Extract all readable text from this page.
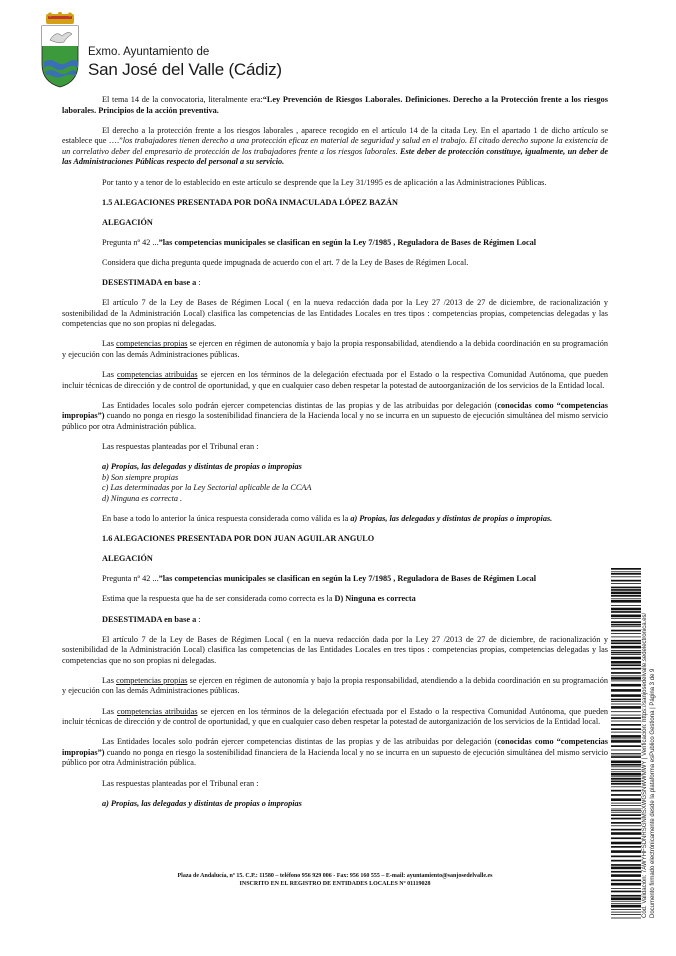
Exmo. Ayuntamiento de
San José del Valle (Cádiz)

El tema 14 de la convocatoria, literalmente era:“Ley Prevención de Riesgos Laborales. Definiciones. Derecho a la Protección frente a los riesgos laborales. Principios de la acción preventiva.

El derecho a la protección frente a los riesgos laborales , aparece recogido en el artículo 14 de la citada Ley. En el apartado 1 de dicho artículo se establece que ….”los trabajadores tienen derecho a una protección eficaz en material de seguridad y salud en el trabajo. El citado derecho supone la existencia de un correlativo deber del empresario de protección de los trabajadores frente a los riesgos laborales. Este deber de protección constituye, igualmente, un deber de las Administraciones Públicas respecto del personal a su servicio.

Por tanto y a tenor de lo establecido en este artículo se desprende que la Ley 31/1995 es de aplicación a las Administraciones Públicas.

1.5 ALEGACIONES PRESENTADA POR DOÑA INMACULADA LÓPEZ BAZÁN

ALEGACIÓN

Pregunta nº 42 ...”las competencias municipales se clasifican en según la Ley 7/1985 , Reguladora de Bases de Régimen Local

Considera que dicha pregunta quede impugnada de acuerdo con el art. 7 de la Ley de Bases de Régimen Local.

DESESTIMADA en base a :

El artículo 7 de la Ley de Bases de Régimen Local ( en la nueva redacción dada por la Ley 27 /2013 de 27 de diciembre, de racionalización y sostenibilidad de la Administración Local) clasifica las competencias de las Entidades Locales en tres tipos : competencias propias, competencias delegadas y las competencias que no son propias ni delegadas.

Las competencias propias se ejercen en régimen de autonomía y bajo la propia responsabilidad, atendiendo a la debida coordinación en su programación y ejecución con las demás Administraciones públicas.

Las competencias atribuidas se ejercen en los términos de la delegación efectuada por el Estado o la respectiva Comunidad Autónoma, que pueden incluir técnicas de dirección y de control de oportunidad, y que en cualquier caso deben respetar la potestad de autoorganización de los servicios de la Entidad local.

Las Entidades locales solo podrán ejercer competencias distintas de las propias y de las atribuidas por delegación (conocidas como “competencias impropias”) cuando no ponga en riesgo la sostenibilidad financiera de la Hacienda local y no se incurra en un supuesto de ejecución simultánea del mismo servicio público por otra Administración pública.

Las respuestas planteadas por el Tribunal eran :

a) Propias, las delegadas y distintas de propias o impropias
b) Son siempre propias
c) Las determinadas por la Ley Sectorial aplicable de la CCAA
d) Ninguna es correcta .

En base a todo lo anterior la única respuesta considerada como válida es la a) Propias, las delegadas y distintas de propias o impropias.

1.6 ALEGACIONES PRESENTADA POR DON JUAN AGUILAR ANGULO

ALEGACIÓN

Pregunta nº 42 ...”las competencias municipales se clasifican en según la Ley 7/1985 , Reguladora de Bases de Régimen Local

Estima que la respuesta que ha de ser considerada como correcta es la D) Ninguna es correcta

DESESTIMADA en base a :

El artículo 7 de la Ley de Bases de Régimen Local ( en la nueva redacción dada por la Ley 27 /2013 de 27 de diciembre, de racionalización y sostenibilidad de la Administración Local) clasifica las competencias de las Entidades Locales en tres tipos : competencias propias, competencias delegadas y las competencias que no son propias ni delegadas.

Las competencias propias se ejercen en régimen de autonomía y bajo la propia responsabilidad, atendiendo a la debida coordinación en su programación y ejecución con las demás Administraciones públicas.

Las competencias atribuidas se ejercen en los términos de la delegación efectuada por el Estado o la respectiva Comunidad Autónoma, que pueden incluir técnicas de dirección y de control de oportunidad, y que en cualquier caso deben respetar la potestad de autorganización de los servicios de la Entidad local.

Las Entidades locales solo podrán ejercer competencias distintas de las propias y de las atribuidas por delegación (conocidas como “competencias impropias”) cuando no ponga en riesgo la sostenibilidad financiera de la Hacienda local y no se incurra en un supuesto de ejecución simultánea del mismo servicio público por otra Administración pública.

Las respuestas planteadas por el Tribunal eran :

a) Propias, las delegadas y distintas de propias o impropias
Plaza de Andalucía, nº 15. C.P.: 11580 – teléfono 956 929 006 - Fax: 956 160 555 – E-mail: ayuntamiento@sanjosedelvalle.es
INSCRITO EN EL REGISTRO DE ENTIDADES LOCALES Nº 01119028	Cód. Validación: 7AWYHFSDNRSGNMSXWGSNWWMWY | Verificación: https://sanjosedelvalle.sedelectronica.es/ Documento firmado electrónicamente desde la plataforma esPublico Gestiona | Página 3 de 9
